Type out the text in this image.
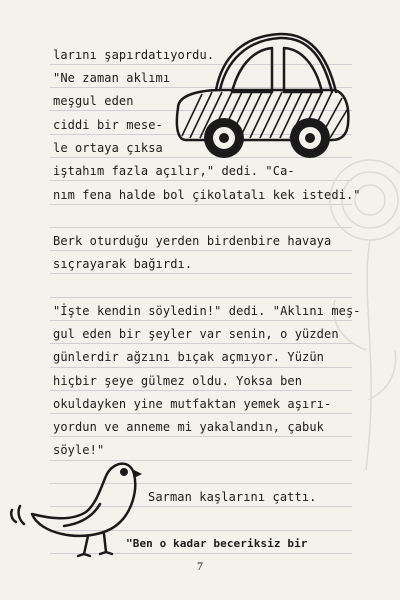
larını şapırdatıyordu.
"Ne zaman aklımı
meşgul eden
ciddi bir mese-
le ortaya çıksa
iştahım fazla açılır," dedi. "Ca-
nım fena halde bol çikolatalı kek istedi."
Berk oturduğu yerden birdenbire havaya
sıçrayarak bağırdı.
"İşte kendin söyledin!" dedi. "Aklını meş-
gul eden bir şeyler var senin, o yüzden
günlerdir ağzını bıçak açmıyor. Yüzün
hiçbir şeye gülmez oldu. Yoksa ben
okuldayken yine mutfaktan yemek aşırı-
yordun ve anneme mi yakalandın, çabuk
söyle!"
Sarman kaşlarını çattı.
"Ben o kadar beceriksiz bir
7
